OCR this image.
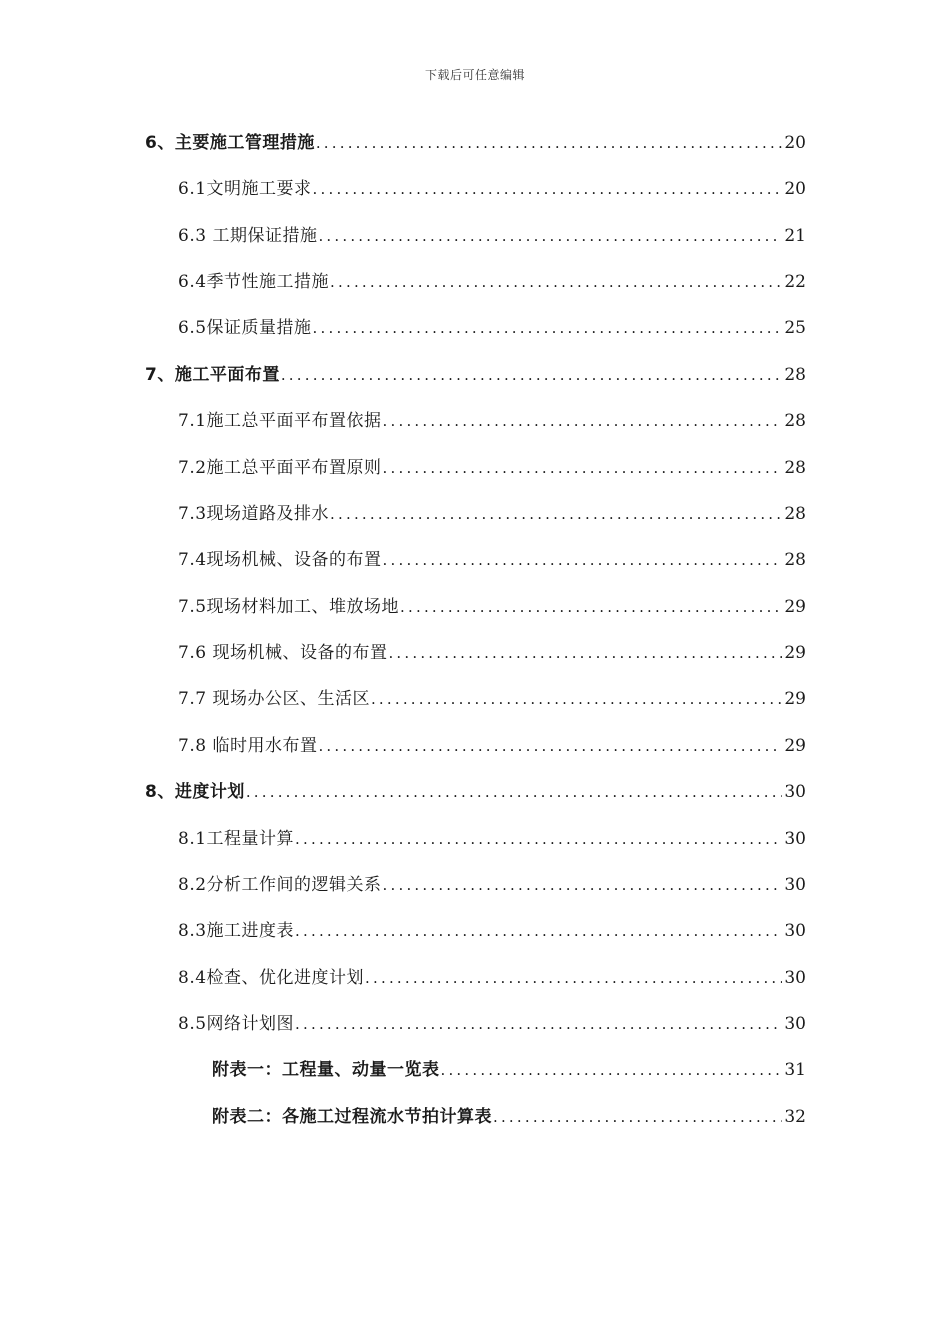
下载后可任意编辑
6、主要施工管理措施 .....	20
6.1文明施工要求 .....	20
6.3 工期保证措施 .....	21
6.4季节性施工措施 .....	22
6.5保证质量措施 .....	25
7、施工平面布置 .....	28
7.1施工总平面平布置依据 .....	28
7.2施工总平面平布置原则 .....	28
7.3现场道路及排水 .....	28
7.4现场机械、设备的布置 .....	28
7.5现场材料加工、堆放场地 .....	29
7.6 现场机械、设备的布置 .....	29
7.7 现场办公区、生活区 .....	29
7.8 临时用水布置 .....	29
8、进度计划 .....	30
8.1工程量计算 .....	30
8.2分析工作间的逻辑关系 .....	30
8.3施工进度表 .....	30
8.4检查、优化进度计划 .....	30
8.5网络计划图 .....	30
附表一：工程量、动量一览表 .....	31
附表二：各施工过程流水节拍计算表 .....	32
